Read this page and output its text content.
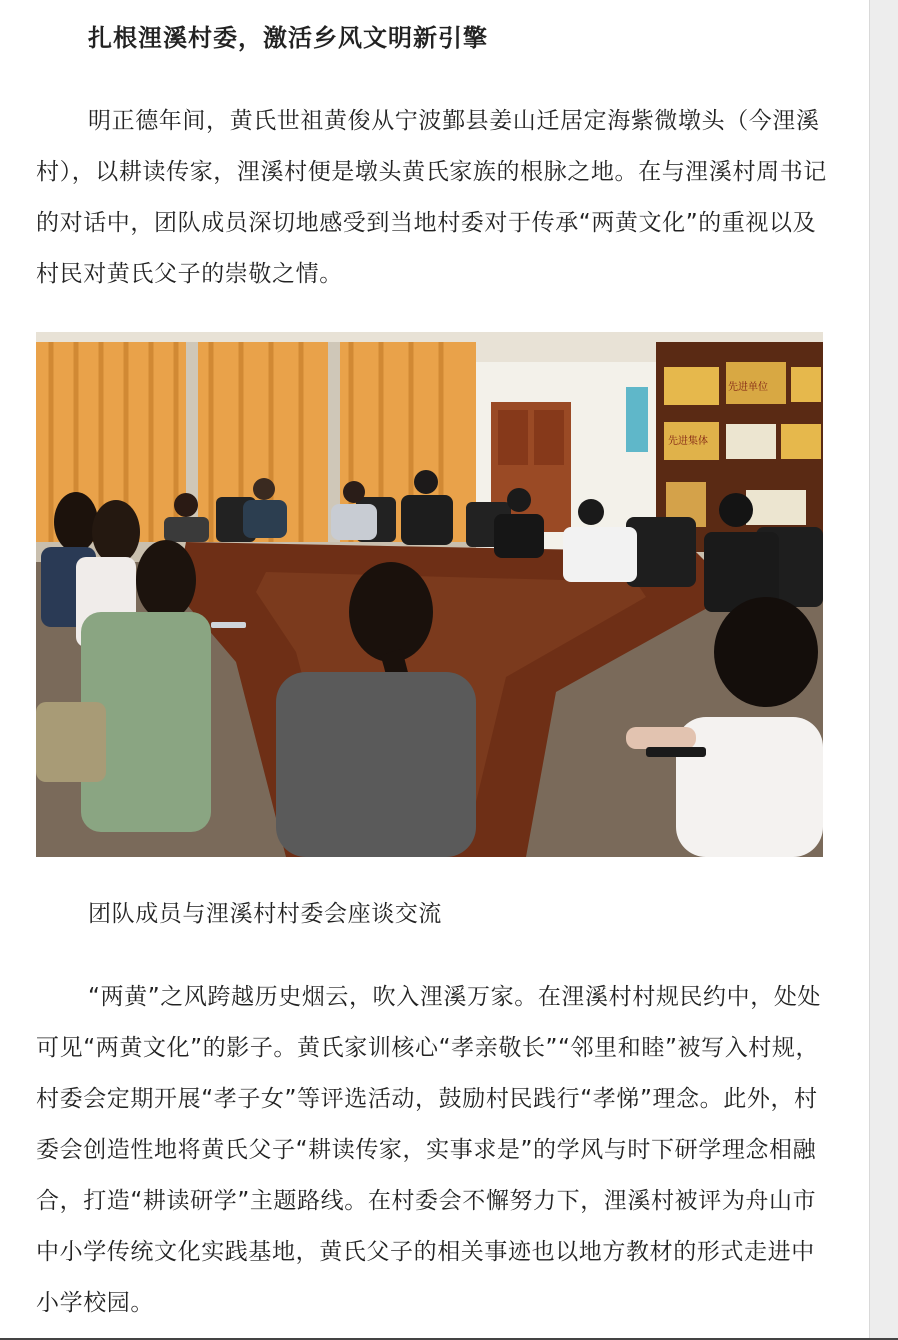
扎根浬溪村委，激活乡风文明新引擎

明正德年间，黄氏世祖黄俊从宁波鄞县姜山迁居定海紫微墩头（今浬溪村），以耕读传家，浬溪村便是墩头黄氏家族的根脉之地。在与浬溪村周书记的对话中，团队成员深切地感受到当地村委对于传承“两黄文化”的重视以及村民对黄氏父子的崇敬之情。

先进单位
先进集体
团队成员与浬溪村村委会座谈交流

“两黄”之风跨越历史烟云，吹入浬溪万家。在浬溪村村规民约中，处处可见“两黄文化”的影子。黄氏家训核心“孝亲敬长”“邻里和睦”被写入村规，村委会定期开展“孝子女”等评选活动，鼓励村民践行“孝悌”理念。此外，村委会创造性地将黄氏父子“耕读传家，实事求是”的学风与时下研学理念相融合，打造“耕读研学”主题路线。在村委会不懈努力下，浬溪村被评为舟山市中小学传统文化实践基地，黄氏父子的相关事迹也以地方教材的形式走进中小学校园。
